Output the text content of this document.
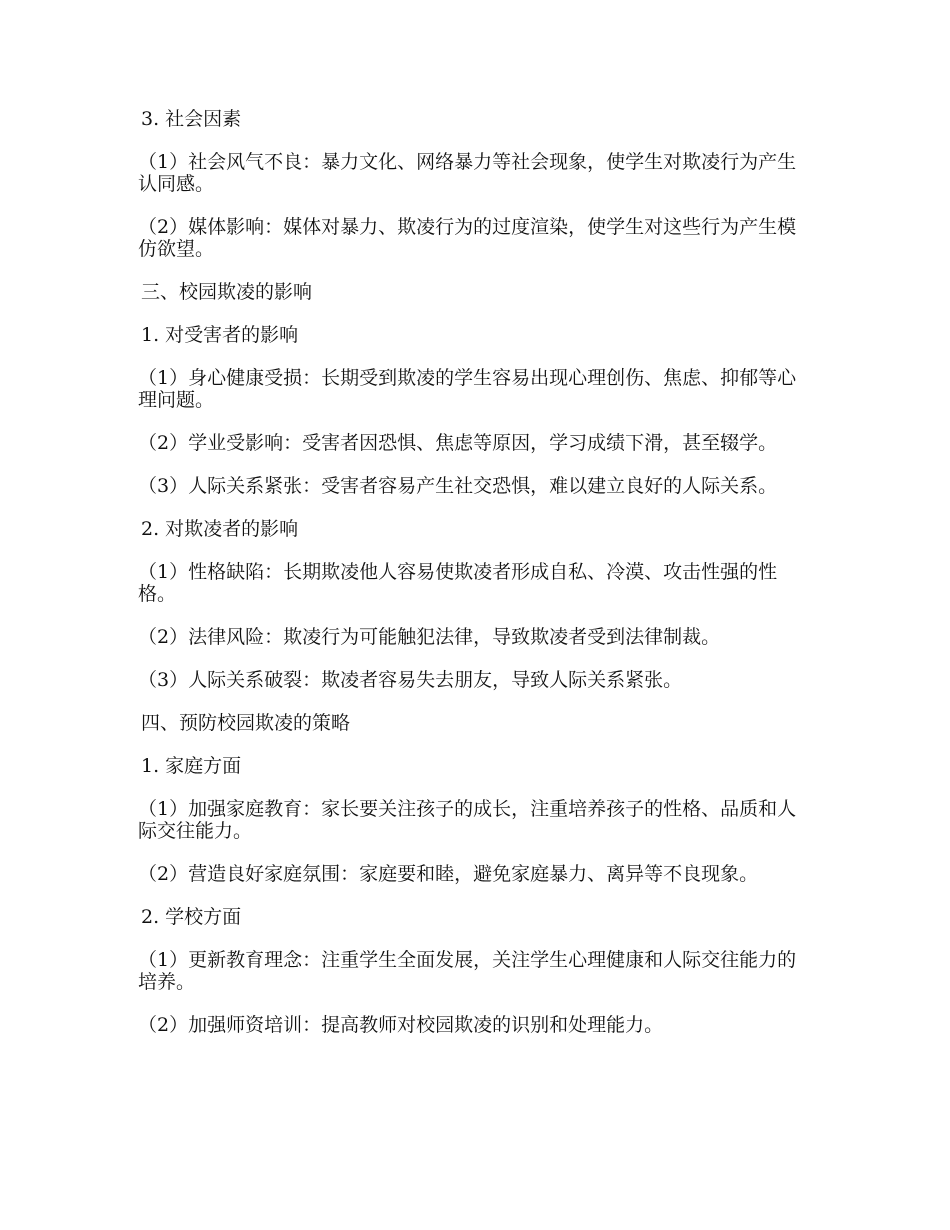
3. 社会因素

（1）社会风气不良：暴力文化、网络暴力等社会现象，使学生对欺凌行为产生认同感。

（2）媒体影响：媒体对暴力、欺凌行为的过度渲染，使学生对这些行为产生模仿欲望。

三、校园欺凌的影响

1. 对受害者的影响

（1）身心健康受损：长期受到欺凌的学生容易出现心理创伤、焦虑、抑郁等心理问题。

（2）学业受影响：受害者因恐惧、焦虑等原因，学习成绩下滑，甚至辍学。

（3）人际关系紧张：受害者容易产生社交恐惧，难以建立良好的人际关系。

2. 对欺凌者的影响

（1）性格缺陷：长期欺凌他人容易使欺凌者形成自私、冷漠、攻击性强的性格。

（2）法律风险：欺凌行为可能触犯法律，导致欺凌者受到法律制裁。

（3）人际关系破裂：欺凌者容易失去朋友，导致人际关系紧张。

四、预防校园欺凌的策略

1. 家庭方面

（1）加强家庭教育：家长要关注孩子的成长，注重培养孩子的性格、品质和人际交往能力。

（2）营造良好家庭氛围：家庭要和睦，避免家庭暴力、离异等不良现象。

2. 学校方面

（1）更新教育理念：注重学生全面发展，关注学生心理健康和人际交往能力的培养。

（2）加强师资培训：提高教师对校园欺凌的识别和处理能力。
